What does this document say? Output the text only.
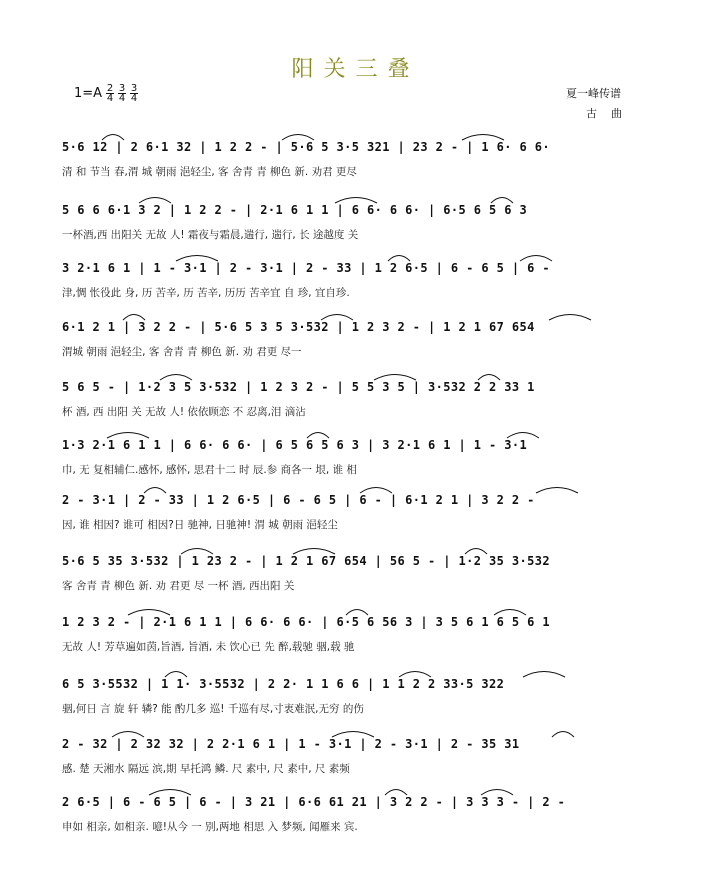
阳关三叠
$1=A \frac{2}{4} \frac{3}{4} \frac{3}{4}$	夏一峰传谱
古曲
5·6 12 | 2 6·1 32 | 1 2 2 - | 5·6 5 3·5 321 | 23 2 - | 1 6· 6 6·
清 和 节当 春,渭 城 朝雨 浥轻尘, 客 舍青 青 柳色 新. 劝君 更尽
5 6 6 6·1 3 2 | 1 2 2 - | 2·1 6 1 1 | 6 6· 6 6· | 6·5 6 5 6 3
一杯酒,西 出阳关 无故 人! 霜夜与霜晨,遄行, 遄行, 长 途越度 关
3 2·1 6 1 | 1 - 3·1 | 2 - 3·1 | 2 - 33 | 1 2 6·5 | 6 - 6 5 | 6 -
津,惆 怅役此 身, 历 苦辛, 历 苦辛, 历历 苦辛宜 自 珍, 宜自珍.
6·1 2 1 | 3 2 2 - | 5·6 5 3 5 3·532 | 1 2 3 2 - | 1 2 1 67 654
渭城 朝雨 浥轻尘, 客 舍青 青 柳色 新. 劝 君更 尽一
5 6 5 - | 1·2 3 5 3·532 | 1 2 3 2 - | 5 5 3 5 | 3·532 2 2 33 1
杯 酒, 西 出阳 关 无故 人! 依依顾恋 不 忍离,泪 滴沾
1·3 2·1 6 1 1 | 6 6· 6 6· | 6 5 6 5 6 3 | 3 2·1 6 1 | 1 - 3·1
巾, 无 复相辅仁.感怀, 感怀, 思君十二 时 辰.参 商各一 垠, 谁 相
2 - 3·1 | 2 - 33 | 1 2 6·5 | 6 - 6 5 | 6 - | 6·1 2 1 | 3 2 2 -
因, 谁 相因? 谁可 相因?日 驰神, 日驰神! 渭 城 朝雨 浥轻尘
5·6 5 35 3·532 | 1 23 2 - | 1 2 1 67 654 | 56 5 - | 1·2 35 3·532
客 舍青 青 柳色 新. 劝 君更 尽 一杯 酒, 西出阳 关
1 2 3 2 - | 2·1 6 1 1 | 6 6· 6 6· | 6·5 6 56 3 | 3 5 6 1 6 5 6 1
无故 人! 芳草遍如茵,旨酒, 旨酒, 未 饮心已 先 醉,载驰 骃,载 驰
6 5 3·5532 | 1 1· 3·5532 | 2 2· 1 1 6 6 | 1 1 2 2 33·5 322
骃,何日 言 旋 轩 辚? 能 酌几多 巡! 千巡有尽,寸衷难泯,无穷 的伤
2 - 32 | 2 32 32 | 2 2·1 6 1 | 1 - 3·1 | 2 - 3·1 | 2 - 35 31
感. 楚 天湘水 隔远 滨,期 早托鸿 鳞. 尺 素中, 尺 素中, 尺 素频
2 6·5 | 6 - 6 5 | 6 - | 3 21 | 6·6 61 21 | 3 2 2 - | 3 3 3 - | 2 -
申如 相亲, 如相亲. 噫!从今 一 别,两地 相思 入 梦频, 闻雁来 宾.
